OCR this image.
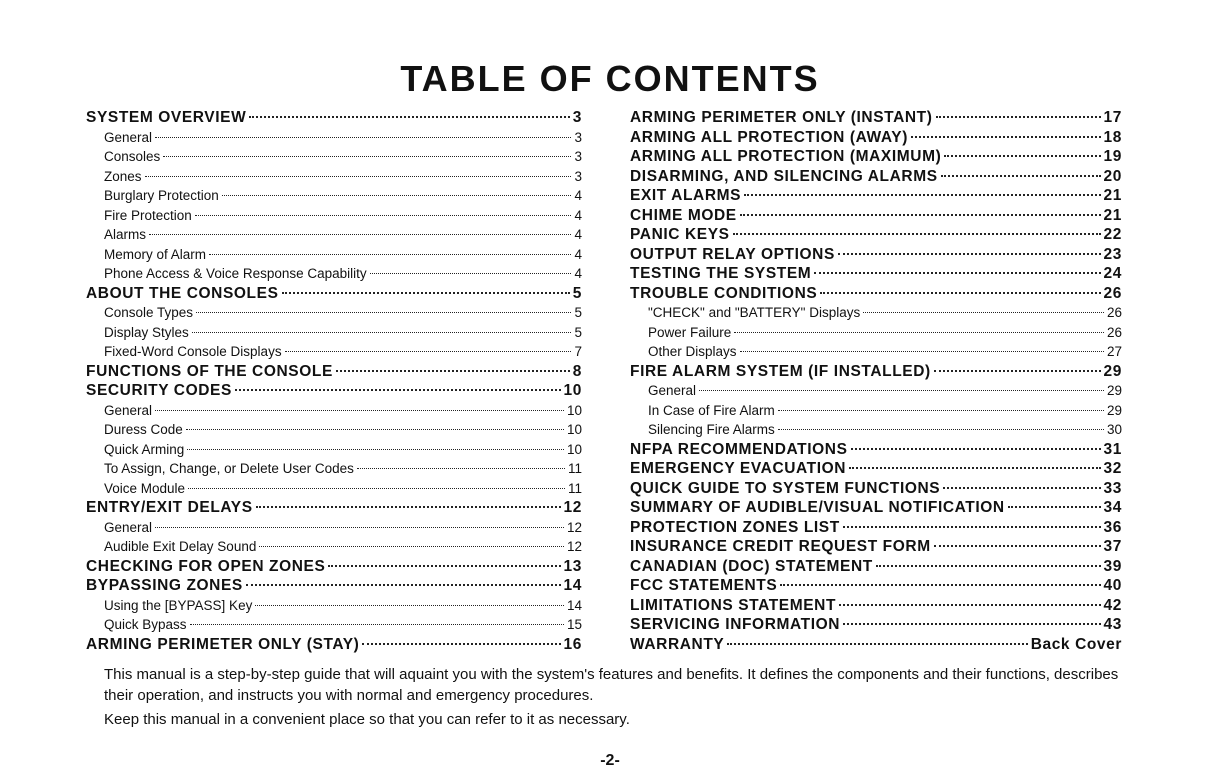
TABLE OF CONTENTS
SYSTEM OVERVIEW	3
General	3
Consoles	3
Zones	3
Burglary Protection	4
Fire Protection	4
Alarms	4
Memory of Alarm	4
Phone Access & Voice Response Capability	4
ABOUT THE CONSOLES	5
Console Types	5
Display Styles	5
Fixed-Word Console Displays	7
FUNCTIONS OF THE CONSOLE	8
SECURITY CODES	10
General	10
Duress Code	10
Quick Arming	10
To Assign, Change, or Delete User Codes	11
Voice Module	11
ENTRY/EXIT DELAYS	12
General	12
Audible Exit Delay Sound	12
CHECKING FOR OPEN ZONES	13
BYPASSING ZONES	14
Using the [BYPASS] Key	14
Quick Bypass	15
ARMING PERIMETER ONLY (STAY)	16
ARMING PERIMETER ONLY (INSTANT)	17
ARMING ALL PROTECTION (AWAY)	18
ARMING ALL PROTECTION (MAXIMUM)	19
DISARMING, AND SILENCING ALARMS	20
EXIT ALARMS	21
CHIME MODE	21
PANIC KEYS	22
OUTPUT RELAY OPTIONS	23
TESTING THE SYSTEM	24
TROUBLE CONDITIONS	26
"CHECK" and "BATTERY" Displays	26
Power Failure	26
Other Displays	27
FIRE ALARM SYSTEM (IF INSTALLED)	29
General	29
In Case of Fire Alarm	29
Silencing Fire Alarms	30
NFPA RECOMMENDATIONS	31
EMERGENCY EVACUATION	32
QUICK GUIDE TO SYSTEM FUNCTIONS	33
SUMMARY OF AUDIBLE/VISUAL NOTIFICATION	34
PROTECTION ZONES LIST	36
INSURANCE CREDIT REQUEST FORM	37
CANADIAN (DOC) STATEMENT	39
FCC STATEMENTS	40
LIMITATIONS STATEMENT	42
SERVICING INFORMATION	43
WARRANTY	Back Cover

This manual is a step-by-step guide that will aquaint you with the system's features and benefits. It defines the components and their functions, describes their operation, and instructs you with normal and emergency procedures.

Keep this manual in a convenient place so that you can refer to it as necessary.

-2-
